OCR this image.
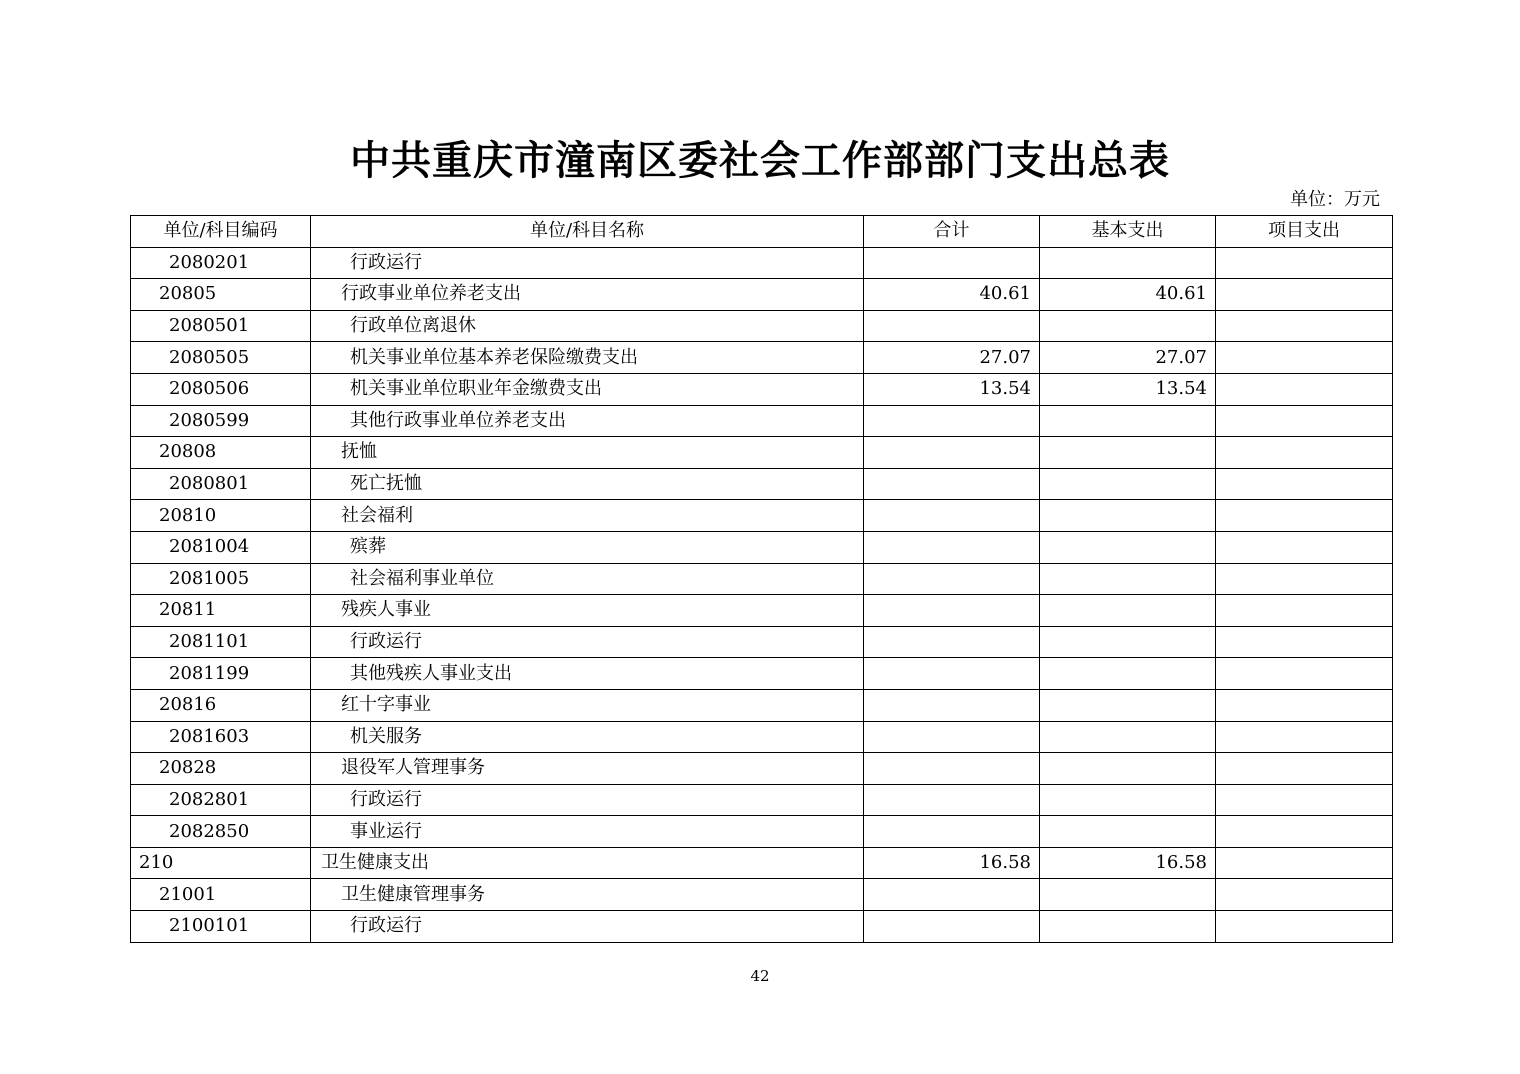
中共重庆市潼南区委社会工作部部门支出总表
单位：万元
单位/科目编码	单位/科目名称	合计	基本支出	项目支出
2080201	行政运行			
20805	行政事业单位养老支出	40.61	40.61	
2080501	行政单位离退休			
2080505	机关事业单位基本养老保险缴费支出	27.07	27.07	
2080506	机关事业单位职业年金缴费支出	13.54	13.54	
2080599	其他行政事业单位养老支出			
20808	抚恤			
2080801	死亡抚恤			
20810	社会福利			
2081004	殡葬			
2081005	社会福利事业单位			
20811	残疾人事业			
2081101	行政运行			
2081199	其他残疾人事业支出			
20816	红十字事业			
2081603	机关服务			
20828	退役军人管理事务			
2082801	行政运行			
2082850	事业运行			
210	卫生健康支出	16.58	16.58	
21001	卫生健康管理事务			
2100101	行政运行			
42
